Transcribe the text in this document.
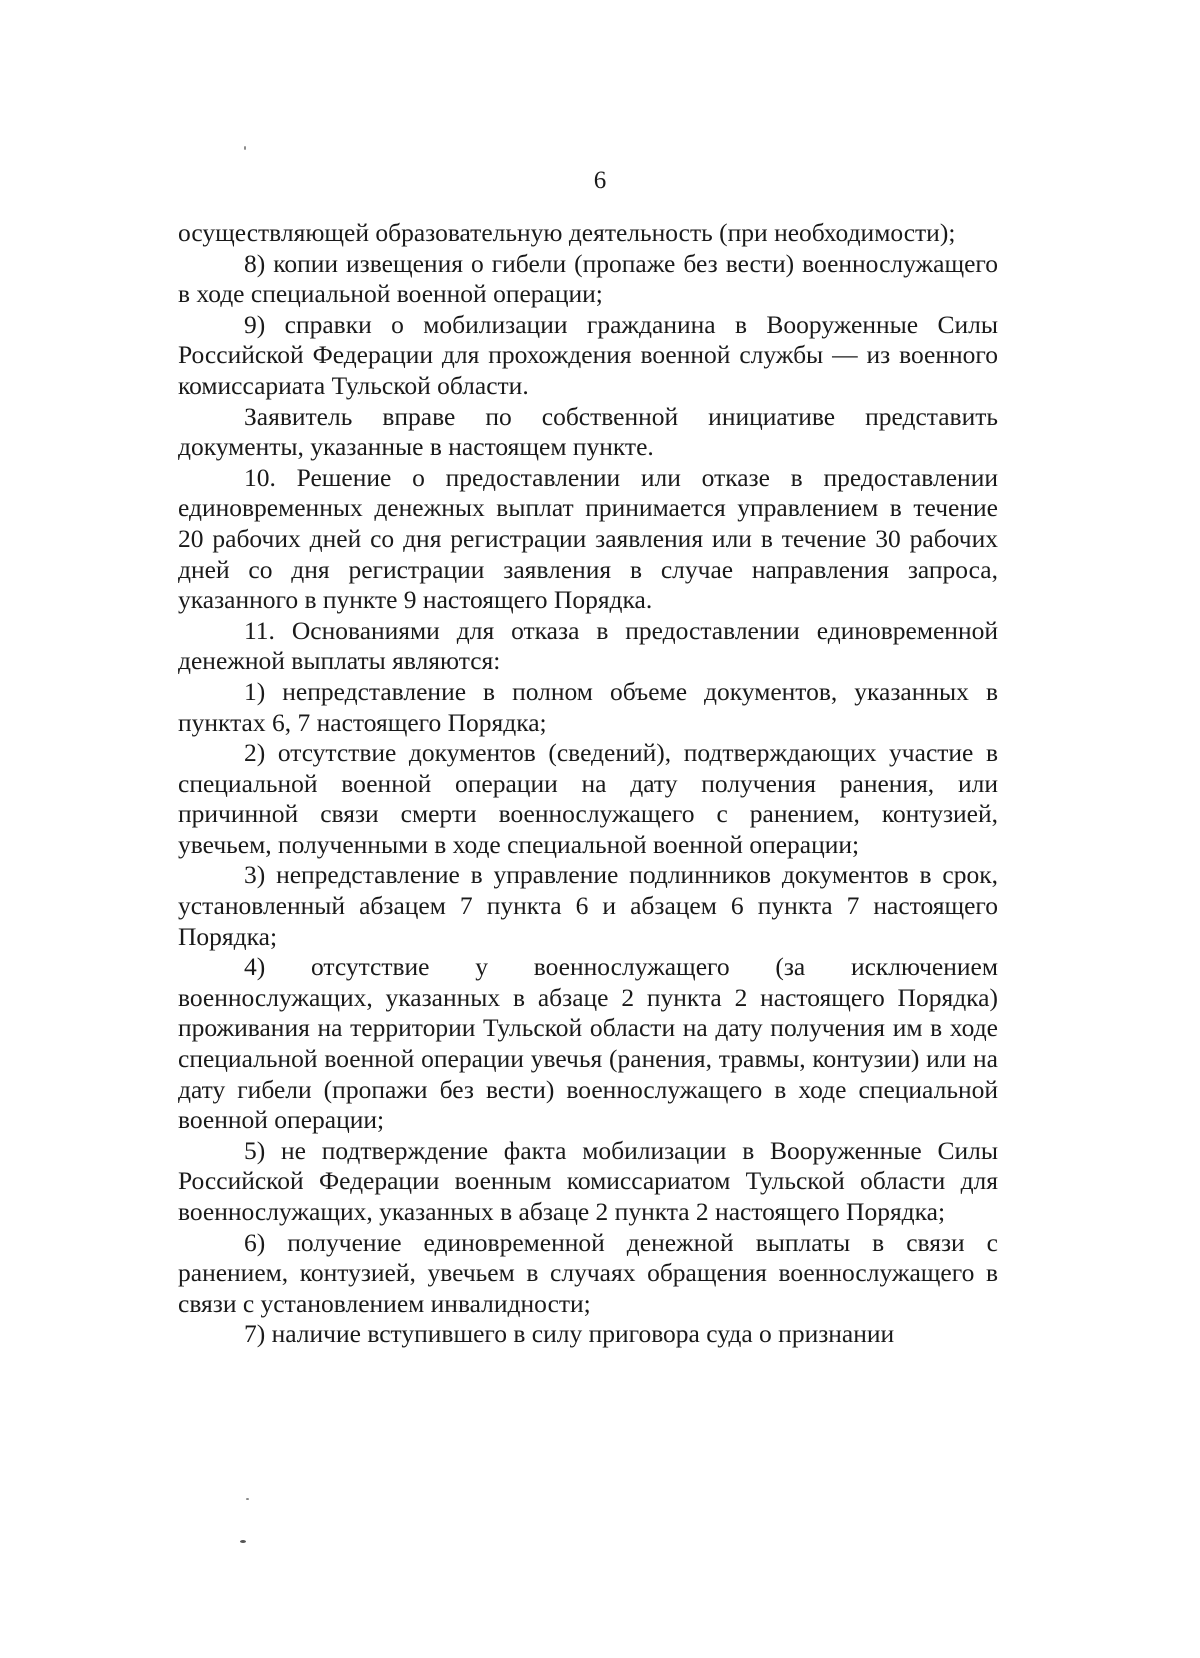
6

осуществляющей образовательную деятельность (при необходимости);

8) копии извещения о гибели (пропаже без вести) военнослужащего в ходе специальной военной операции;

9) справки о мобилизации гражданина в Вооруженные Силы Российской Федерации для прохождения военной службы — из военного комиссариата Тульской области.

Заявитель вправе по собственной инициативе представить документы, указанные в настоящем пункте.

10. Решение о предоставлении или отказе в предоставлении единовременных денежных выплат принимается управлением в течение 20 рабочих дней со дня регистрации заявления или в течение 30 рабочих дней со дня регистрации заявления в случае направления запроса, указанного в пункте 9 настоящего Порядка.

11. Основаниями для отказа в предоставлении единовременной денежной выплаты являются:

1) непредставление в полном объеме документов, указанных в пунктах 6, 7 настоящего Порядка;

2) отсутствие документов (сведений), подтверждающих участие в специальной военной операции на дату получения ранения, или причинной связи смерти военнослужащего с ранением, контузией, увечьем, полученными в ходе специальной военной операции;

3) непредставление в управление подлинников документов в срок, установленный абзацем 7 пункта 6 и абзацем 6 пункта 7 настоящего Порядка;

4) отсутствие у военнослужащего (за исключением военнослужащих, указанных в абзаце 2 пункта 2 настоящего Порядка) проживания на территории Тульской области на дату получения им в ходе специальной военной операции увечья (ранения, травмы, контузии) или на дату гибели (пропажи без вести) военнослужащего в ходе специальной военной операции;

5) не подтверждение факта мобилизации в Вооруженные Силы Российской Федерации военным комиссариатом Тульской области для военнослужащих, указанных в абзаце 2 пункта 2 настоящего Порядка;

6) получение единовременной денежной выплаты в связи с ранением, контузией, увечьем в случаях обращения военнослужащего в связи с установлением инвалидности;

7) наличие вступившего в силу приговора суда о признании
